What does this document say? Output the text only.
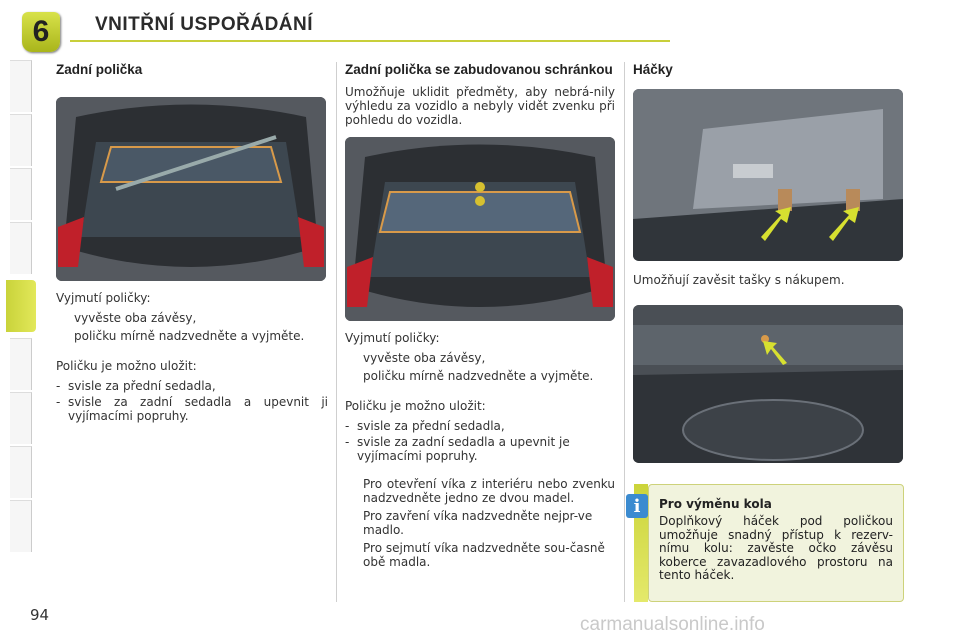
6	VNITŘNÍ USPOŘÁDÁNÍ
Zadní polička

Vyjmutí poličky:

vyvěste oba závěsy,
poličku mírně nadzvedněte a vyjměte.

Poličku je možno uložit:

- svisle za přední sedadla,
- svisle za zadní sedadla a upevnit ji vyjímacími popruhy.
Zadní polička se zabudovanou schránkou

Umožňuje uklidit předměty, aby nebrá-nily výhledu za vozidlo a nebyly vidět zvenku při pohledu do vozidla.

Vyjmutí poličky:

vyvěste oba závěsy,
poličku mírně nadzvedněte a vyjměte.

Poličku je možno uložit:

- svisle za přední sedadla,
- svisle za zadní sedadla a upevnit je vyjímacími popruhy.
Pro otevření víka z interiéru nebo zvenku nadzvedněte jedno ze dvou madel.
Pro zavření víka nadzvedněte nejpr-ve madlo.
Pro sejmutí víka nadzvedněte sou-časně obě madla.
Háčky

Umožňují zavěsit tašky s nákupem.

i	Pro výměnu kola

Doplňkový háček pod poličkou umožňuje snadný přístup k rezerv-nímu kolu: zavěste očko závěsu koberce zavazadlového prostoru na tento háček.

94	carmanualsonline.info
